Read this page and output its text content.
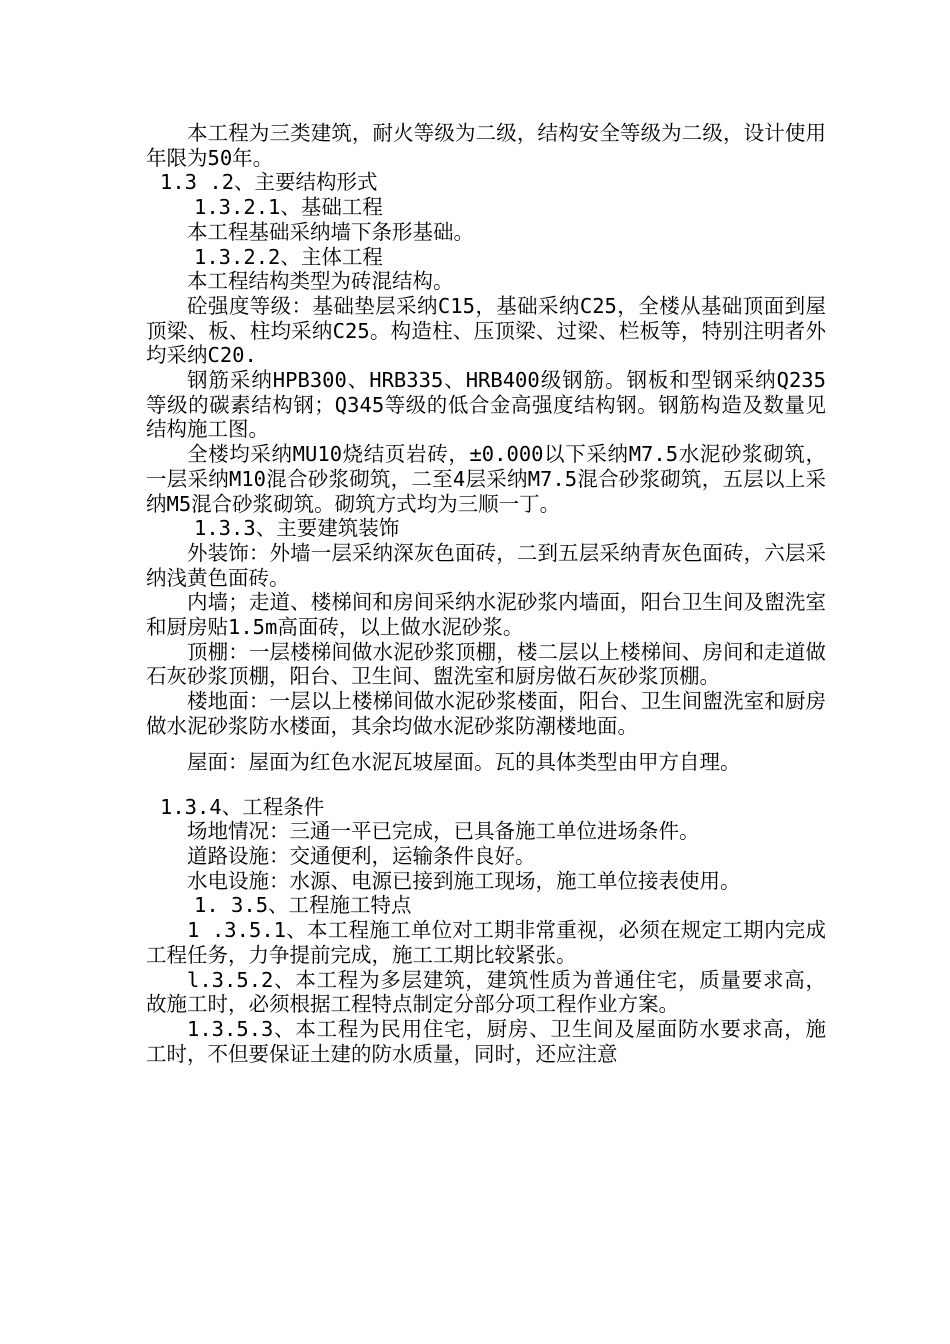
本工程为三类建筑，耐火等级为二级，结构安全等级为二级，设计使用年限为50年。

1.3 .2、主要结构形式

1.3.2.1、基础工程

本工程基础采纳墙下条形基础。

1.3.2.2、主体工程

本工程结构类型为砖混结构。

砼强度等级：基础垫层采纳C15，基础采纳C25，全楼从基础顶面到屋顶梁、板、柱均采纳C25。构造柱、压顶梁、过梁、栏板等，特别注明者外均采纳C20.

钢筋采纳HPB300、HRB335、HRB400级钢筋。钢板和型钢采纳Q235等级的碳素结构钢；Q345等级的低合金高强度结构钢。钢筋构造及数量见结构施工图。

全楼均采纳MU10烧结页岩砖，±0.000以下采纳M7.5水泥砂浆砌筑，一层采纳M10混合砂浆砌筑，二至4层采纳M7.5混合砂浆砌筑，五层以上采纳M5混合砂浆砌筑。砌筑方式均为三顺一丁。

1.3.3、主要建筑装饰

外装饰：外墙一层采纳深灰色面砖，二到五层采纳青灰色面砖，六层采纳浅黄色面砖。

内墙；走道、楼梯间和房间采纳水泥砂浆内墙面，阳台卫生间及盥洗室和厨房贴1.5m高面砖，以上做水泥砂浆。

顶棚：一层楼梯间做水泥砂浆顶棚，楼二层以上楼梯间、房间和走道做石灰砂浆顶棚，阳台、卫生间、盥洗室和厨房做石灰砂浆顶棚。

楼地面：一层以上楼梯间做水泥砂浆楼面，阳台、卫生间盥洗室和厨房做水泥砂浆防水楼面，其余均做水泥砂浆防潮楼地面。

屋面：屋面为红色水泥瓦坡屋面。瓦的具体类型由甲方自理。

1.3.4、工程条件

场地情况：三通一平已完成，已具备施工单位进场条件。

道路设施：交通便利，运输条件良好。

水电设施：水源、电源已接到施工现场，施工单位接表使用。

1. 3.5、工程施工特点

1 .3.5.1、本工程施工单位对工期非常重视，必须在规定工期内完成工程任务，力争提前完成，施工工期比较紧张。

l.3.5.2、本工程为多层建筑，建筑性质为普通住宅，质量要求高，故施工时，必须根据工程特点制定分部分项工程作业方案。

1.3.5.3、本工程为民用住宅，厨房、卫生间及屋面防水要求高，施工时，不但要保证土建的防水质量，同时，还应注意
